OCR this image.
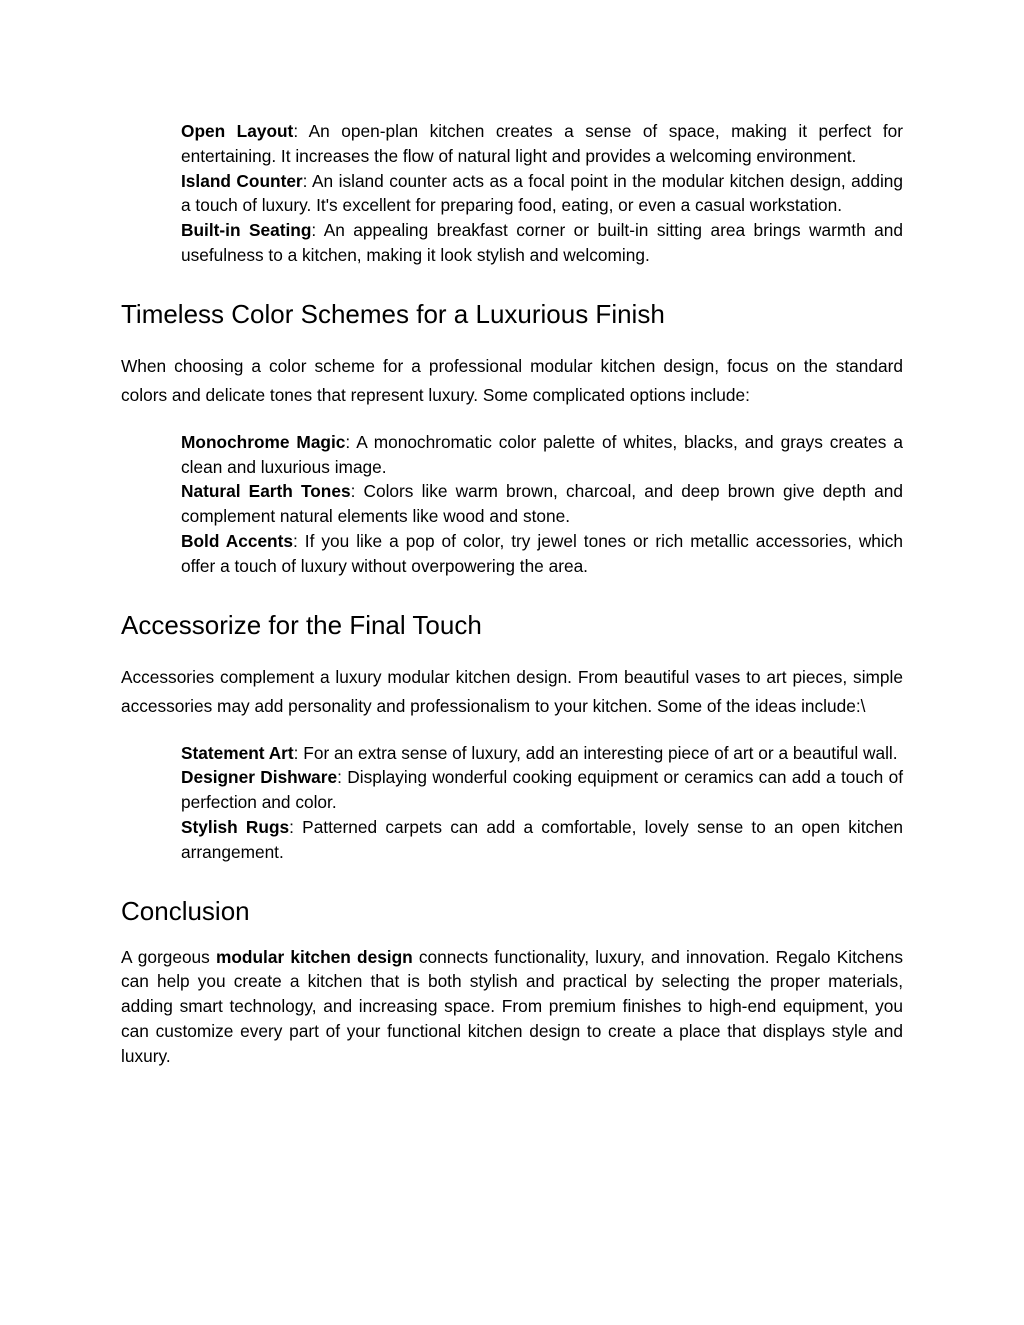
Open Layout: An open-plan kitchen creates a sense of space, making it perfect for entertaining. It increases the flow of natural light and provides a welcoming environment.
Island Counter: An island counter acts as a focal point in the modular kitchen design, adding a touch of luxury. It's excellent for preparing food, eating, or even a casual workstation.
Built-in Seating: An appealing breakfast corner or built-in sitting area brings warmth and usefulness to a kitchen, making it look stylish and welcoming.
Timeless Color Schemes for a Luxurious Finish

When choosing a color scheme for a professional modular kitchen design, focus on the standard colors and delicate tones that represent luxury. Some complicated options include:

Monochrome Magic: A monochromatic color palette of whites, blacks, and grays creates a clean and luxurious image.
Natural Earth Tones: Colors like warm brown, charcoal, and deep brown give depth and complement natural elements like wood and stone.
Bold Accents: If you like a pop of color, try jewel tones or rich metallic accessories, which offer a touch of luxury without overpowering the area.
Accessorize for the Final Touch

Accessories complement a luxury modular kitchen design. From beautiful vases to art pieces, simple accessories may add personality and professionalism to your kitchen. Some of the ideas include:\

Statement Art: For an extra sense of luxury, add an interesting piece of art or a beautiful wall.
Designer Dishware: Displaying wonderful cooking equipment or ceramics can add a touch of perfection and color.
Stylish Rugs: Patterned carpets can add a comfortable, lovely sense to an open kitchen arrangement.
Conclusion

A gorgeous modular kitchen design connects functionality, luxury, and innovation. Regalo Kitchens can help you create a kitchen that is both stylish and practical by selecting the proper materials, adding smart technology, and increasing space. From premium finishes to high-end equipment, you can customize every part of your functional kitchen design to create a place that displays style and luxury.
